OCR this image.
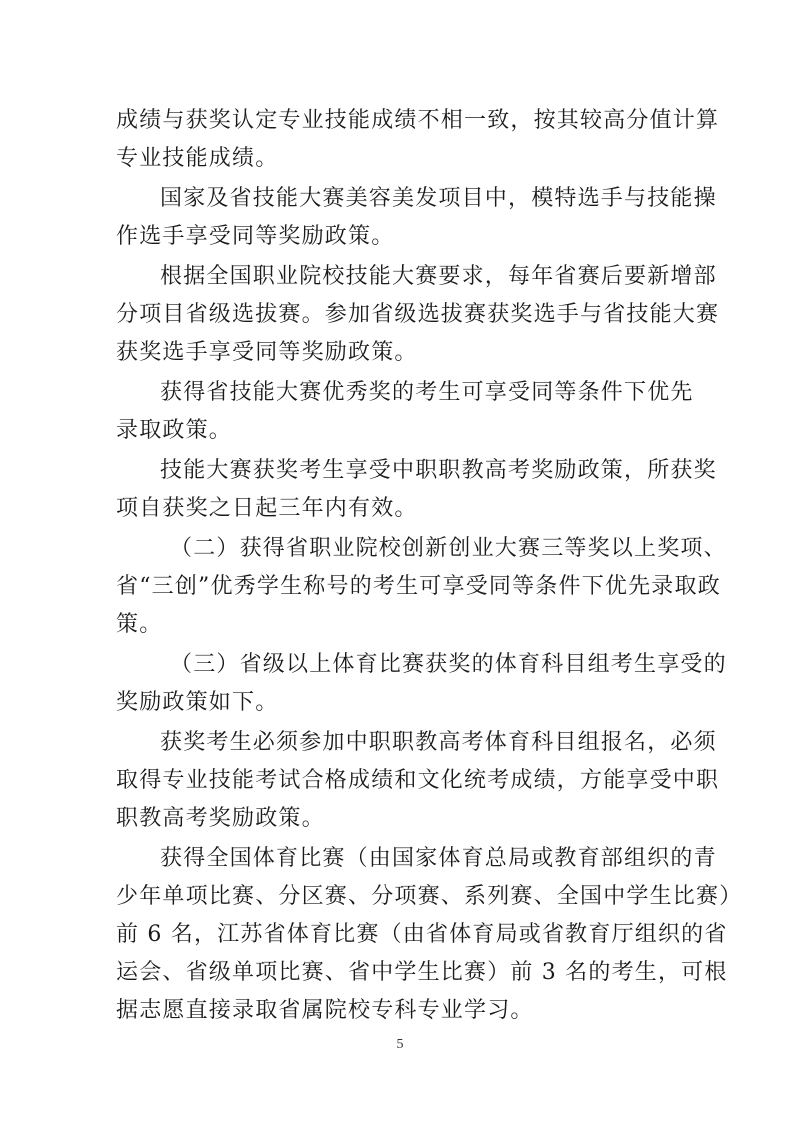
成绩与获奖认定专业技能成绩不相一致，按其较高分值计算
专业技能成绩。
国家及省技能大赛美容美发项目中，模特选手与技能操
作选手享受同等奖励政策。
根据全国职业院校技能大赛要求，每年省赛后要新增部
分项目省级选拔赛。参加省级选拔赛获奖选手与省技能大赛
获奖选手享受同等奖励政策。
获得省技能大赛优秀奖的考生可享受同等条件下优先
录取政策。
技能大赛获奖考生享受中职职教高考奖励政策，所获奖
项自获奖之日起三年内有效。
（二）获得省职业院校创新创业大赛三等奖以上奖项、
省“三创”优秀学生称号的考生可享受同等条件下优先录取政
策。
（三）省级以上体育比赛获奖的体育科目组考生享受的
奖励政策如下。
获奖考生必须参加中职职教高考体育科目组报名，必须
取得专业技能考试合格成绩和文化统考成绩，方能享受中职
职教高考奖励政策。
获得全国体育比赛（由国家体育总局或教育部组织的青
少年单项比赛、分区赛、分项赛、系列赛、全国中学生比赛）
前 6 名，江苏省体育比赛（由省体育局或省教育厅组织的省
运会、省级单项比赛、省中学生比赛）前 3 名的考生，可根
据志愿直接录取省属院校专科专业学习。
5
